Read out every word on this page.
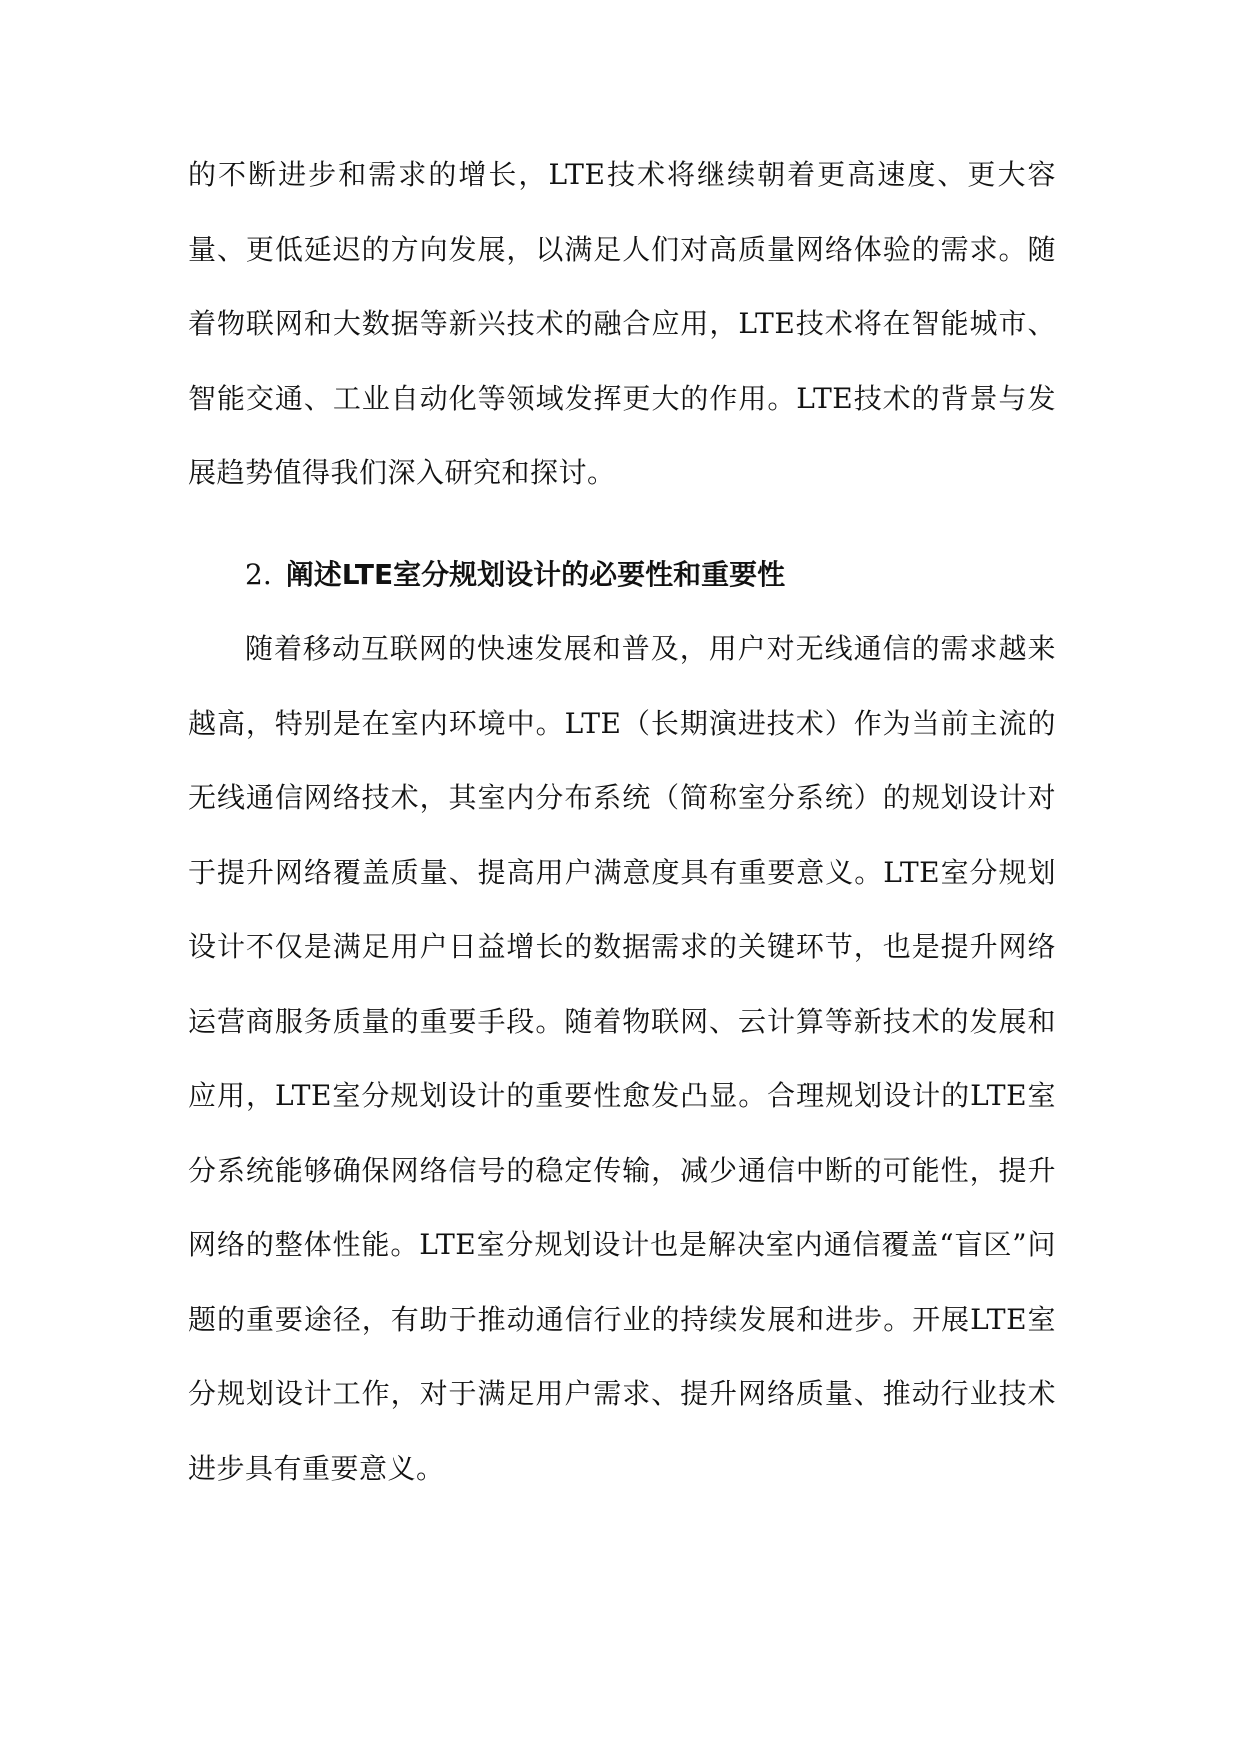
的不断进步和需求的增长，LTE技术将继续朝着更高速度、更大容量、更低延迟的方向发展，以满足人们对高质量网络体验的需求。随着物联网和大数据等新兴技术的融合应用，LTE技术将在智能城市、智能交通、工业自动化等领域发挥更大的作用。LTE技术的背景与发展趋势值得我们深入研究和探讨。

2. 阐述LTE室分规划设计的必要性和重要性

随着移动互联网的快速发展和普及，用户对无线通信的需求越来越高，特别是在室内环境中。LTE（长期演进技术）作为当前主流的无线通信网络技术，其室内分布系统（简称室分系统）的规划设计对于提升网络覆盖质量、提高用户满意度具有重要意义。LTE室分规划设计不仅是满足用户日益增长的数据需求的关键环节，也是提升网络运营商服务质量的重要手段。随着物联网、云计算等新技术的发展和应用，LTE室分规划设计的重要性愈发凸显。合理规划设计的LTE室分系统能够确保网络信号的稳定传输，减少通信中断的可能性，提升网络的整体性能。LTE室分规划设计也是解决室内通信覆盖“盲区”问题的重要途径，有助于推动通信行业的持续发展和进步。开展LTE室分规划设计工作，对于满足用户需求、提升网络质量、推动行业技术进步具有重要意义。
